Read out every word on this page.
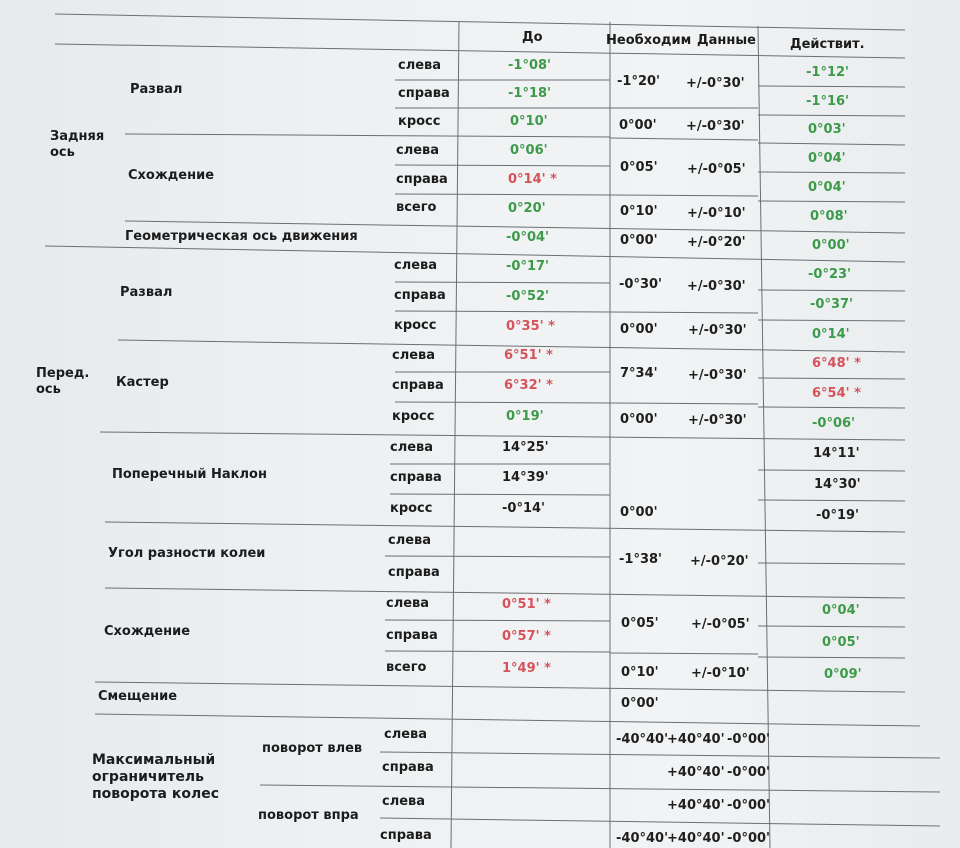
До	Необходим Данные	Действит.
Задняя
ось
Перед.
ось
Развал
Схождение
Геометрическая ось движения
Развал
Кастер
Поперечный Наклон
Угол разности колеи
Схождение
Смещение
Максимальный
ограничитель
поворота колес
поворот влев
поворот впра
слева
справа
кросс
слева
справа
всего
слева
справа
кросс
слева
справа
кросс
слева
справа
кросс
слева
справа
слева
справа
всего
слева
справа
слева
справа
-1°08'
-1°18'
0°10'
0°06'
0°14' *
0°20'
-0°04'
-0°17'
-0°52'
0°35' *
6°51' *
6°32' *
0°19'
14°25'
14°39'
-0°14'
0°51' *
0°57' *
1°49' *
-1°20' +/-0°30'
0°00' +/-0°30'
0°05' +/-0°05'
0°10' +/-0°10'
0°00' +/-0°20'
-0°30' +/-0°30'
0°00' +/-0°30'
7°34' +/-0°30'
0°00' +/-0°30'
0°00'
-1°38' +/-0°20'
0°05' +/-0°05'
0°10' +/-0°10'
0°00'
-40°40'
+40°40' -0°00'
+40°40' -0°00'
+40°40' -0°00'
-40°40'
+40°40' -0°00'
-1°12'
-1°16'
0°03'
0°04'
0°04'
0°08'
0°00'
-0°23'
-0°37'
0°14'
6°48' *
6°54' *
-0°06'
14°11'
14°30'
-0°19'
0°04'
0°05'
0°09'
